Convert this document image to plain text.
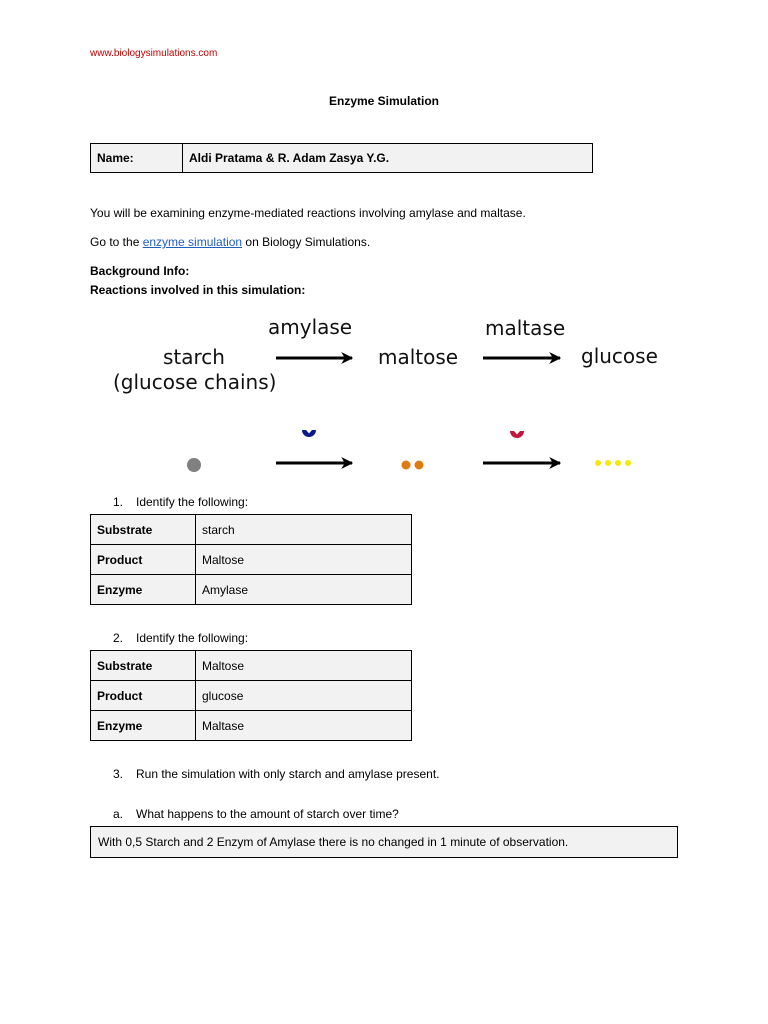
www.biologysimulations.com
Enzyme Simulation
Name:	Aldi Pratama & R. Adam Zasya Y.G.
You will be examining enzyme-mediated reactions involving amylase and maltase.
Go to the enzyme simulation on Biology Simulations.
Background Info:
Reactions involved in this simulation:
starch
(glucose chains)
amylase
maltose
maltase
glucose
1.	Identify the following:
Substrate	starch
Product	Maltose
Enzyme	Amylase
2.	Identify the following:
Substrate	Maltose
Product	glucose
Enzyme	Maltase
3.	Run the simulation with only starch and amylase present.
a.	What happens to the amount of starch over time?
With 0,5 Starch and 2 Enzym of Amylase there is no changed in 1 minute of observation.
